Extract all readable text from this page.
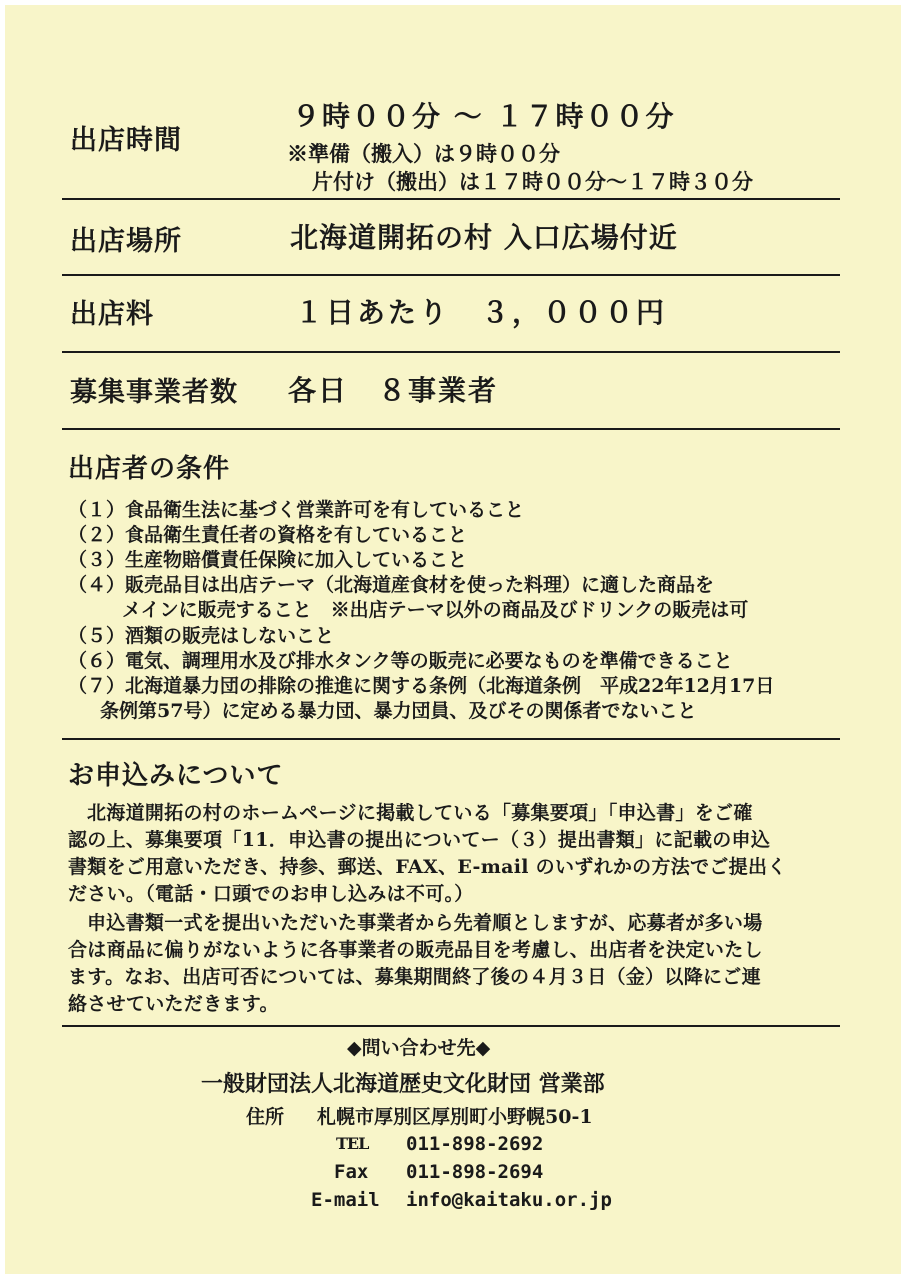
出店時間
９時００分 ～ １７時００分
※準備（搬入）は９時００分
片付け（搬出）は１７時００分～１７時３０分
出店場所	北海道開拓の村 入口広場付近
出店料	１日あたり　３，０００円
募集事業者数 各日　８事業者
出店者の条件
（１）食品衛生法に基づく営業許可を有していること
（２）食品衛生責任者の資格を有していること
（３）生産物賠償責任保険に加入していること
（４）販売品目は出店テーマ（北海道産食材を使った料理）に適した商品を
メインに販売すること　※出店テーマ以外の商品及びドリンクの販売は可
（５）酒類の販売はしないこと
（６）電気、調理用水及び排水タンク等の販売に必要なものを準備できること
（７）北海道暴力団の排除の推進に関する条例（北海道条例　平成22年12月17日
条例第57号）に定める暴力団、暴力団員、及びその関係者でないこと
お申込みについて
北海道開拓の村のホームページに掲載している「募集要項」「申込書」をご確
認の上、募集要項「11．申込書の提出についてー（３）提出書類」に記載の申込
書類をご用意いただき、持参、郵送、FAX、E-mail のいずれかの方法でご提出く
ださい。（電話・口頭でのお申し込みは不可。）
申込書類一式を提出いただいた事業者から先着順としますが、応募者が多い場
合は商品に偏りがないように各事業者の販売品目を考慮し、出店者を決定いたし
ます。なお、出店可否については、募集期間終了後の４月３日（金）以降にご連
絡させていただきます。
◆問い合わせ先◆
一般財団法人北海道歴史文化財団 営業部
住所 札幌市厚別区厚別町小野幌50-1
TEL 011-898-2692
Fax 011-898-2694
E-mail info@kaitaku.or.jp
